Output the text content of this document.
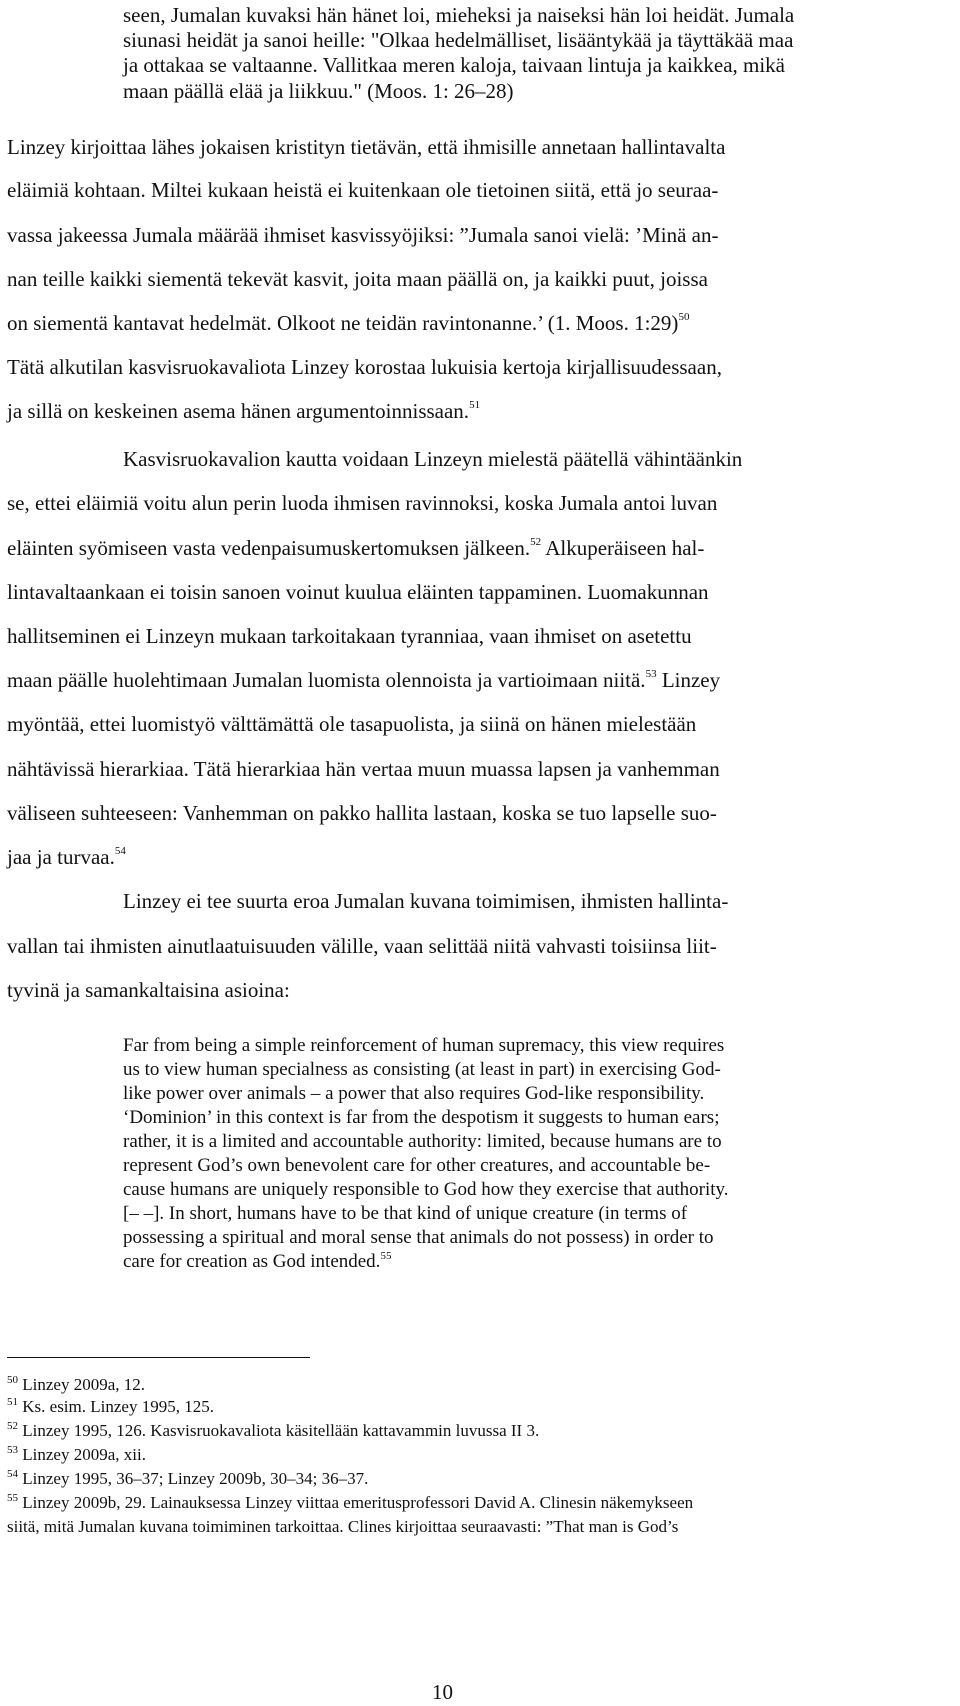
seen, Jumalan kuvaksi hän hänet loi, mieheksi ja naiseksi hän loi heidät. Jumala
siunasi heidät ja sanoi heille: "Olkaa hedelmälliset, lisääntykää ja täyttäkää maa
ja ottakaa se valtaanne. Vallitkaa meren kaloja, taivaan lintuja ja kaikkea, mikä
maan päällä elää ja liikkuu." (Moos. 1: 26‒28)
Linzey kirjoittaa lähes jokaisen kristityn tietävän, että ihmisille annetaan hallintavalta
eläimiä kohtaan. Miltei kukaan heistä ei kuitenkaan ole tietoinen siitä, että jo seuraa-
vassa jakeessa Jumala määrää ihmiset kasvissyöjiksi: ”Jumala sanoi vielä: ’Minä an-
nan teille kaikki siementä tekevät kasvit, joita maan päällä on, ja kaikki puut, joissa
on siementä kantavat hedelmät. Olkoot ne teidän ravintonanne.’ (1. Moos. 1:29)$^{50}$
Tätä alkutilan kasvisruokavaliota Linzey korostaa lukuisia kertoja kirjallisuudessaan,
ja sillä on keskeinen asema hänen argumentoinnissaan.$^{51}$
Kasvisruokavalion kautta voidaan Linzeyn mielestä päätellä vähintäänkin
se, ettei eläimiä voitu alun perin luoda ihmisen ravinnoksi, koska Jumala antoi luvan
eläinten syömiseen vasta vedenpaisumuskertomuksen jälkeen.$^{52}$ Alkuperäiseen hal-
lintavaltaankaan ei toisin sanoen voinut kuulua eläinten tappaminen. Luomakunnan
hallitseminen ei Linzeyn mukaan tarkoitakaan tyranniaa, vaan ihmiset on asetettu
maan päälle huolehtimaan Jumalan luomista olennoista ja vartioimaan niitä.$^{53}$ Linzey
myöntää, ettei luomistyö välttämättä ole tasapuolista, ja siinä on hänen mielestään
nähtävissä hierarkiaa. Tätä hierarkiaa hän vertaa muun muassa lapsen ja vanhemman
väliseen suhteeseen: Vanhemman on pakko hallita lastaan, koska se tuo lapselle suo-
jaa ja turvaa.$^{54}$
Linzey ei tee suurta eroa Jumalan kuvana toimimisen, ihmisten hallinta-
vallan tai ihmisten ainutlaatuisuuden välille, vaan selittää niitä vahvasti toisiinsa liit-
tyvinä ja samankaltaisina asioina:
Far from being a simple reinforcement of human supremacy, this view requires
us to view human specialness as consisting (at least in part) in exercising God-
like power over animals – a power that also requires God-like responsibility.
‘Dominion’ in this context is far from the despotism it suggests to human ears;
rather, it is a limited and accountable authority: limited, because humans are to
represent God’s own benevolent care for other creatures, and accountable be-
cause humans are uniquely responsible to God how they exercise that authority.
[– –]. In short, humans have to be that kind of unique creature (in terms of
possessing a spiritual and moral sense that animals do not possess) in order to
care for creation as God intended.$^{55}$
$^{50}$ Linzey 2009a, 12.
$^{51}$ Ks. esim. Linzey 1995, 125.
$^{52}$ Linzey 1995, 126. Kasvisruokavaliota käsitellään kattavammin luvussa II 3.
$^{53}$ Linzey 2009a, xii.
$^{54}$ Linzey 1995, 36–37; Linzey 2009b, 30–34; 36–37.
$^{55}$ Linzey 2009b, 29. Lainauksessa Linzey viittaa emeritusprofessori David A. Clinesin näkemykseen
siitä, mitä Jumalan kuvana toimiminen tarkoittaa. Clines kirjoittaa seuraavasti: ”That man is God’s
10
